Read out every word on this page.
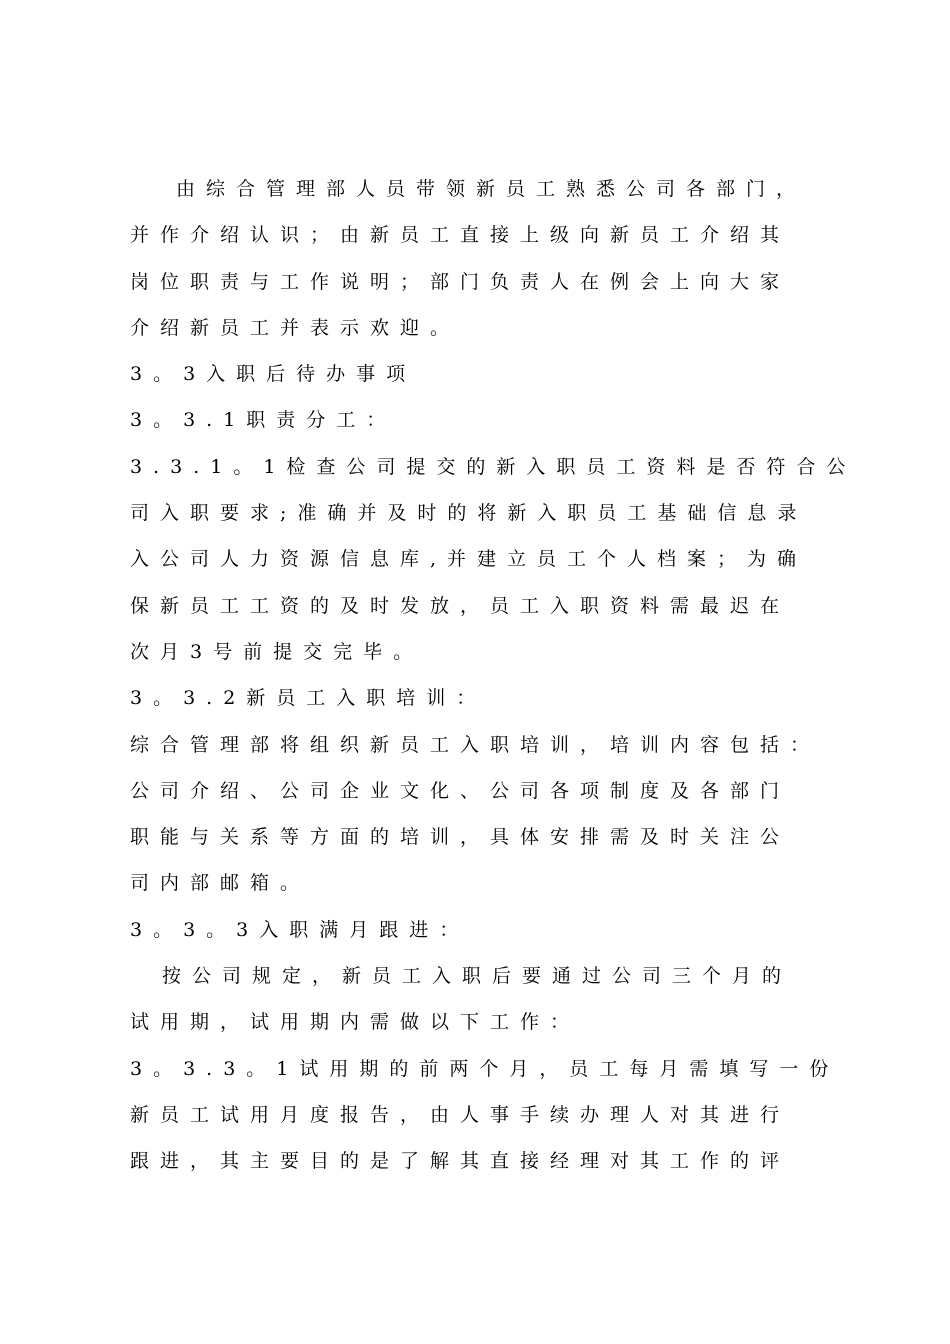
由综合管理部人员带领新员工熟悉公司各部门，
并作介绍认识；由新员工直接上级向新员工介绍其
岗位职责与工作说明；部门负责人在例会上向大家
介绍新员工并表示欢迎。
3。3入职后待办事项
3。3.1职责分工：
3.3.1。1检查公司提交的新入职员工资料是否符合公
司入职要求;准确并及时的将新入职员工基础信息录
入公司人力资源信息库,并建立员工个人档案；为确
保新员工工资的及时发放，员工入职资料需最迟在
次月3号前提交完毕。
3。3.2新员工入职培训：
综合管理部将组织新员工入职培训，培训内容包括：
公司介绍、公司企业文化、公司各项制度及各部门
职能与关系等方面的培训，具体安排需及时关注公
司内部邮箱。
3。3。3入职满月跟进：
按公司规定，新员工入职后要通过公司三个月的
试用期，试用期内需做以下工作：
3。3.3。1试用期的前两个月，员工每月需填写一份
新员工试用月度报告，由人事手续办理人对其进行
跟进，其主要目的是了解其直接经理对其工作的评
